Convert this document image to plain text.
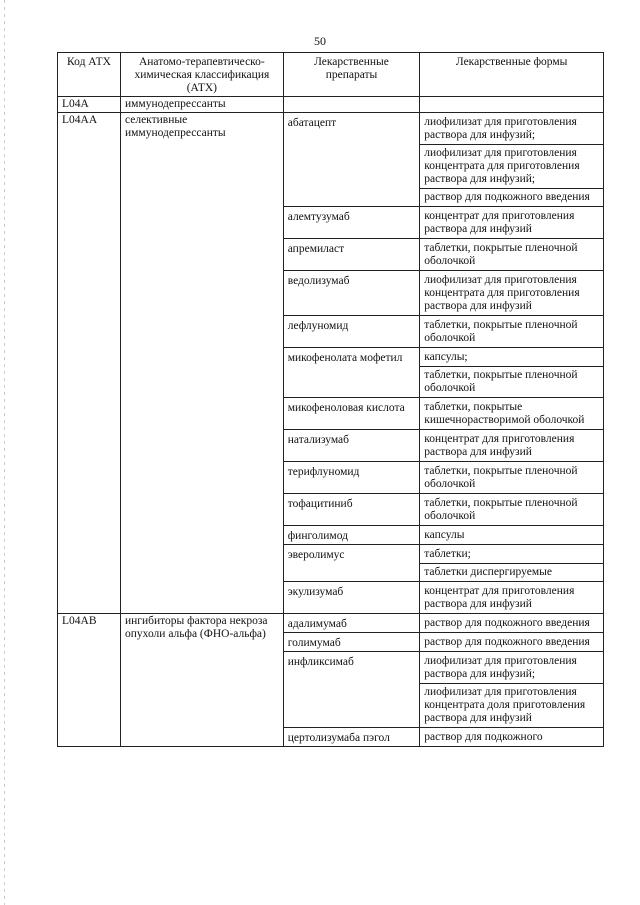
50
Код АТХ	Анатомо-терапевтическо-химическая классификация (АТХ)	Лекарственные препараты	Лекарственные формы
L04A	иммунодепрессанты		
L04AA	селективные иммунодепрессанты	абатацепт	лиофилизат для приготовления раствора для инфузий;
лиофилизат для приготовления концентрата для приготовления раствора для инфузий;
раствор для подкожного введения

		алемтузумаб	концентрат для приготовления раствора для инфузий

		апремиласт	таблетки, покрытые пленочной оболочкой

		ведолизумаб	лиофилизат для приготовления концентрата для приготовления раствора для инфузий

		лефлуномид	таблетки, покрытые пленочной оболочкой

		микофенолата мофетил	капсулы;
таблетки, покрытые пленочной оболочкой

		микофеноловая кислота	таблетки, покрытые кишечнорастворимой оболочкой

		натализумаб	концентрат для приготовления раствора для инфузий

		терифлуномид	таблетки, покрытые пленочной оболочкой

		тофацитиниб	таблетки, покрытые пленочной оболочкой

		финголимод	капсулы

		эверолимус	таблетки;
таблетки диспергируемые

		экулизумаб	концентрат для приготовления раствора для инфузий

L04AB	ингибиторы фактора некроза опухоли альфа (ФНО-альфа)	адалимумаб	раствор для подкожного введения

		голимумаб	раствор для подкожного введения

		инфликсимаб	лиофилизат для приготовления раствора для инфузий;
лиофилизат для приготовления концентрата доля приготовления раствора для инфузий

		цертолизумаба пэгол	раствор для подкожного
